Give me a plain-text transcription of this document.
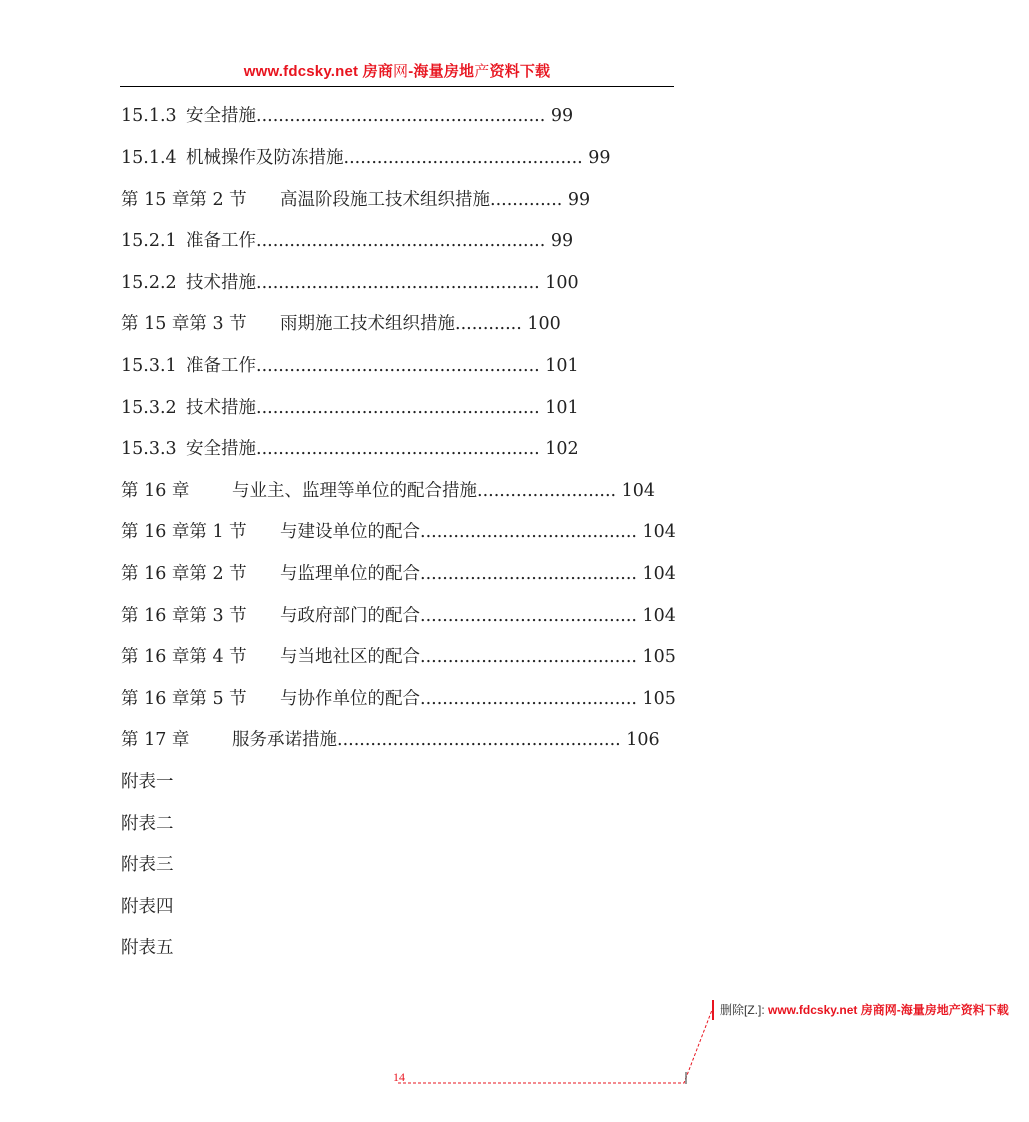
www.fdcsky.net 房商网-海量房地产资料下载
15.1.3 安全措施.................................................... 99
15.1.4 机械操作及防冻措施........................................... 99
第 15 章第 2 节 高温阶段施工技术组织措施............. 99
15.2.1 准备工作.................................................... 99
15.2.2 技术措施................................................... 100
第 15 章第 3 节 雨期施工技术组织措施............ 100
15.3.1 准备工作................................................... 101
15.3.2 技术措施................................................... 101
15.3.3 安全措施................................................... 102
第 16 章 与业主、监理等单位的配合措施......................... 104
第 16 章第 1 节 与建设单位的配合....................................... 104
第 16 章第 2 节 与监理单位的配合....................................... 104
第 16 章第 3 节 与政府部门的配合....................................... 104
第 16 章第 4 节 与当地社区的配合....................................... 105
第 16 章第 5 节 与协作单位的配合....................................... 105
第 17 章 服务承诺措施................................................... 106
附表一
附表二
附表三
附表四
附表五
删除[Z.]: www.fdcsky.net 房商网-海量房地产资料下载
14
